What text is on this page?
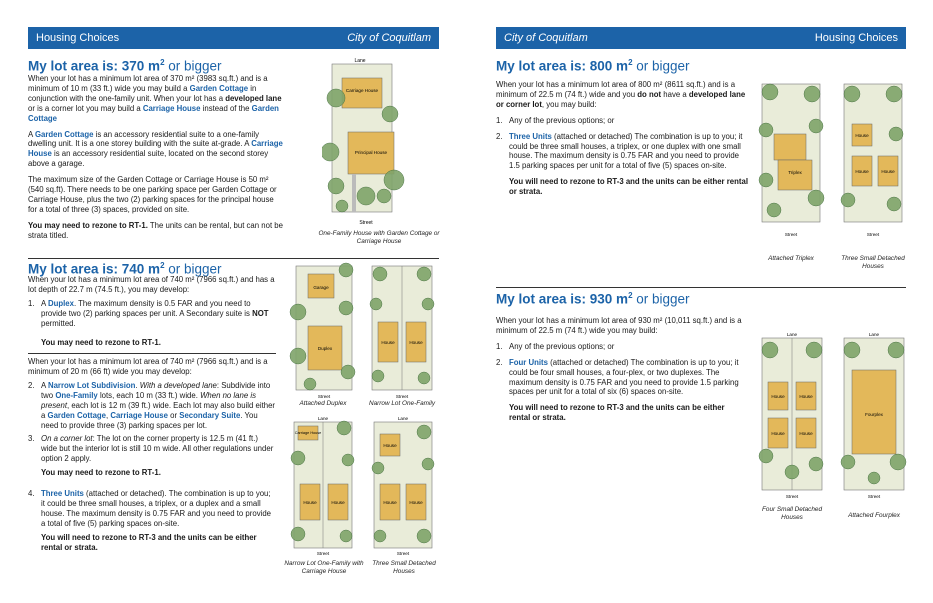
Housing Choices	City of Coquitlam
My lot area is: 370 $m^2$ or bigger

When your lot has a minimum lot area of 370 m² (3983 sq.ft.) and is a minimum of 10 m (33 ft.) wide you may build a Garden Cottage in conjunction with the one-family unit. When your lot has a developed lane or is a corner lot you may build a Carriage House instead of the Garden Cottage

A Garden Cottage is an accessory residential suite to a one-family dwelling unit. It is a one storey building with the suite at-grade. A Carriage House is an accessory residential suite, located on the second storey above a garage.

The maximum size of the Garden Cottage or Carriage House is 50 m² (540 sq.ft). There needs to be one parking space per Garden Cottage or Carriage House, plus the two (2) parking spaces for the principal house for a total of three (3) spaces, provided on site.

You may need to rezone to RT-1. The units can be rental, but can not be strata titled.

Lane
Carriage House
Principal House
Street
One-Family House with Garden Cottage or Carriage House
My lot area is: 740 $m^2$ or bigger

When your lot has a minimum lot area of 740 m² (7966 sq.ft.) and has a lot depth of 22.7 m (74.5 ft.), you may develop:

1. A Duplex. The maximum density is 0.5 FAR and you need to provide two (2) parking spaces per unit. A Secondary suite is NOT permitted.

You may need to rezone to RT-1.

When your lot has a minimum lot area of 740 m² (7966 sq.ft.) and is a minimum of 20 m (66 ft) wide you may develop:

2. A Narrow Lot Subdivision. With a developed lane: Subdivide into two One-Family lots, each 10 m (33 ft.) wide. When no lane is present, each lot is 12 m (39 ft.) wide. Each lot may also build either a Garden Cottage, Carriage House or Secondary Suite. You need to provide three (3) parking spaces per lot.
3. On a corner lot: The lot on the corner property is 12.5 m (41 ft.) wide but the interior lot is still 10 m wide. All other regulations under option 2 apply.

You may need to rezone to RT-1.

4. Three Units (attached or detached). The combination is up to you; it could be three small houses, a triplex, or a duplex and a small house. The maximum density is 0.75 FAR and you need to provide a total of five (5) parking spaces on-site.

You will need to rezone to RT-3 and the units can be either rental or strata.

Garage
Duplex
Street
Attached Duplex
House	House
Street
Narrow Lot One-Family
Lane
Carriage House
House	House
Street
Narrow Lot One-Family with Carriage House
Lane
House
House	House
Street
Three Small Detached Houses
City of Coquitlam	Housing Choices
My lot area is: 800 $m^2$ or bigger

When your lot has a minimum lot area of 800 m² (8611 sq.ft.) and is a minimum of 22.5 m (74 ft.) wide and you do not have a developed lane or corner lot, you may build:

1. Any of the previous options; or
2. Three Units (attached or detached) The combination is up to you; it could be three small houses, a triplex, or one duplex with one small house. The maximum density is 0.75 FAR and you need to provide 1.5 parking spaces per unit for a total of five (5) spaces on-site.

You will need to rezone to RT-3 and the units can be either rental or strata.

Triplex
Street
Attached Triplex
House
House	House
Street
Three Small Detached Houses
My lot area is: 930 $m^2$ or bigger

When your lot has a minimum lot area of 930 m² (10,011 sq.ft.) and is a minimum of 22.5 m (74 ft.) wide you may build:

1. Any of the previous options; or
2. Four Units (attached or detached) The combination is up to you; it could be four small houses, a four-plex, or two duplexes. The maximum density is 0.75 FAR and you need to provide 1.5 parking spaces per unit for a total of six (6) spaces on-site.

You will need to rezone to RT-3 and the units can be either rental or strata.

Lane
House	House
House	House
Street
Four Small Detached Houses
Lane
Fourplex
Street
Attached Fourplex
